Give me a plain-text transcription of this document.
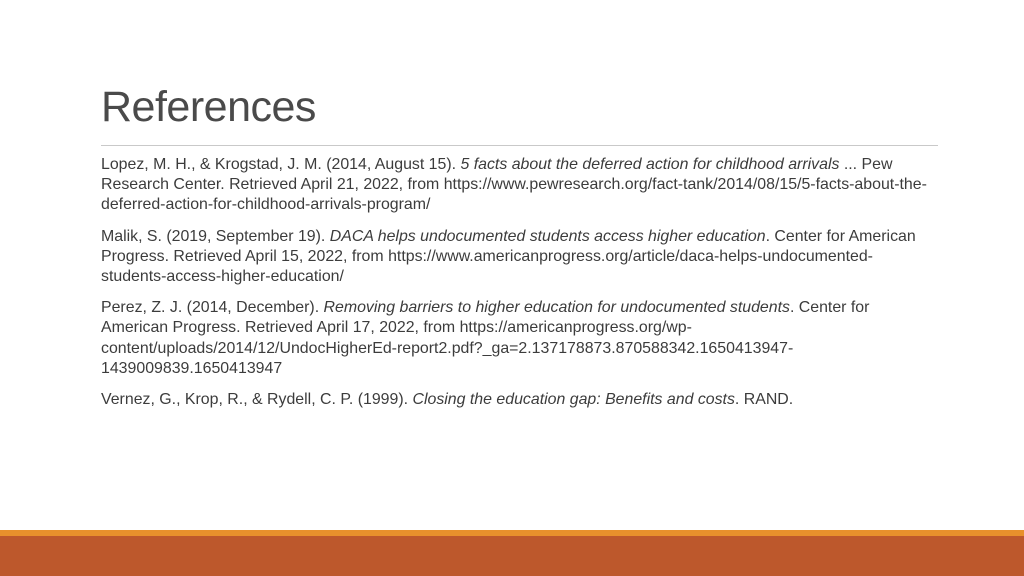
References

Lopez, M. H., & Krogstad, J. M. (2014, August 15). 5 facts about the deferred action for childhood arrivals ... Pew Research Center. Retrieved April 21, 2022, from https://www.pewresearch.org/fact-tank/2014/08/15/5-facts-about-the-deferred-action-for-childhood-arrivals-program/

Malik, S. (2019, September 19). DACA helps undocumented students access higher education. Center for American Progress. Retrieved April 15, 2022, from https://www.americanprogress.org/article/daca-helps-undocumented-students-access-higher-education/

Perez, Z. J. (2014, December). Removing barriers to higher education for undocumented students. Center for American Progress. Retrieved April 17, 2022, from https://americanprogress.org/wp-content/uploads/2014/12/UndocHigherEd-report2.pdf?_ga=2.137178873.870588342.1650413947-1439009839.1650413947

Vernez, G., Krop, R., & Rydell, C. P. (1999). Closing the education gap: Benefits and costs. RAND.
